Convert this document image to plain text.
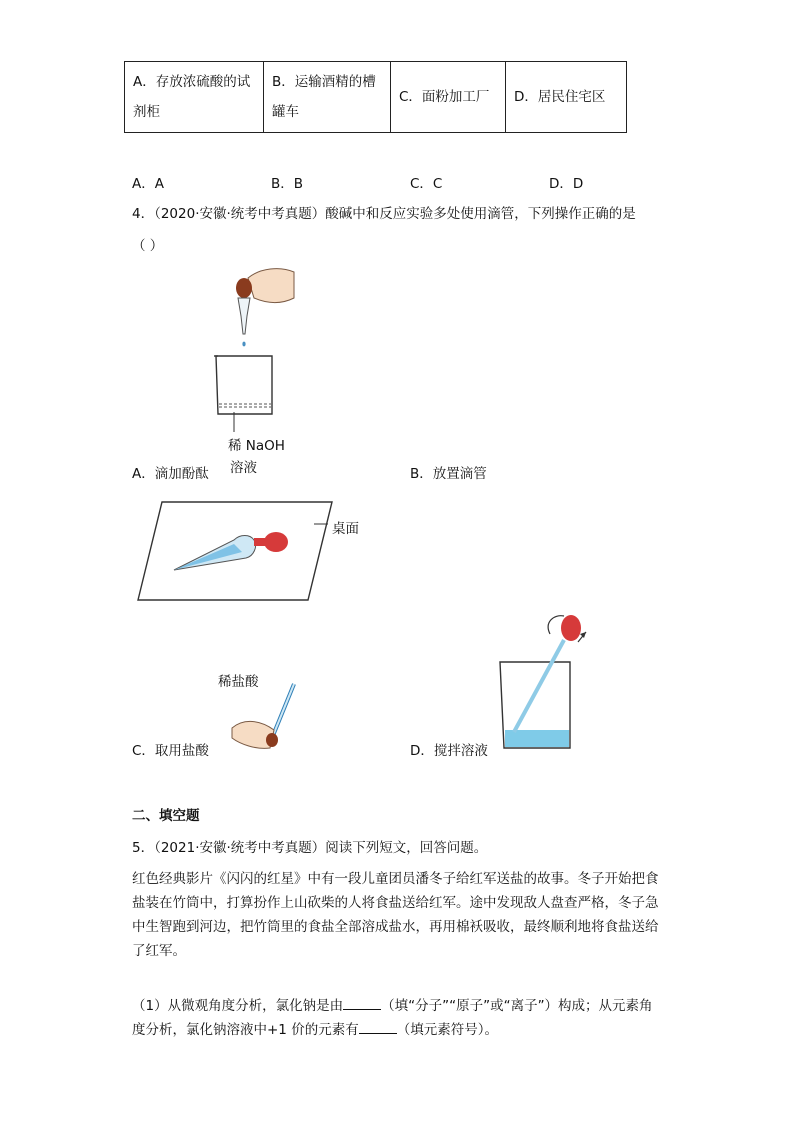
A．存放浓硫酸的试剂柜	B．运输酒精的槽罐车	C．面粉加工厂	D．居民住宅区
A．A	B．B	C．C	D．D
4．（2020·安徽·统考中考真题）酸碱中和反应实验多处使用滴管，下列操作正确的是
（ ）
稀 NaOH
溶液
A．滴加酚酞	B．放置滴管
桌面
稀盐酸
C．取用盐酸	D．搅拌溶液
二、填空题
5．（2021·安徽·统考中考真题）阅读下列短文，回答问题。
红色经典影片《闪闪的红星》中有一段儿童团员潘冬子给红军送盐的故事。冬子开始把食盐装在竹筒中，打算扮作上山砍柴的人将食盐送给红军。途中发现敌人盘查严格，冬子急中生智跑到河边，把竹筒里的食盐全部溶成盐水，再用棉袄吸收，最终顺利地将食盐送给了红军。
（1）从微观角度分析，氯化钠是由	（填“分子”“原子”或“离子”）构成；从元素角度分析，氯化钠溶液中+1 价的元素有	（填元素符号）。
